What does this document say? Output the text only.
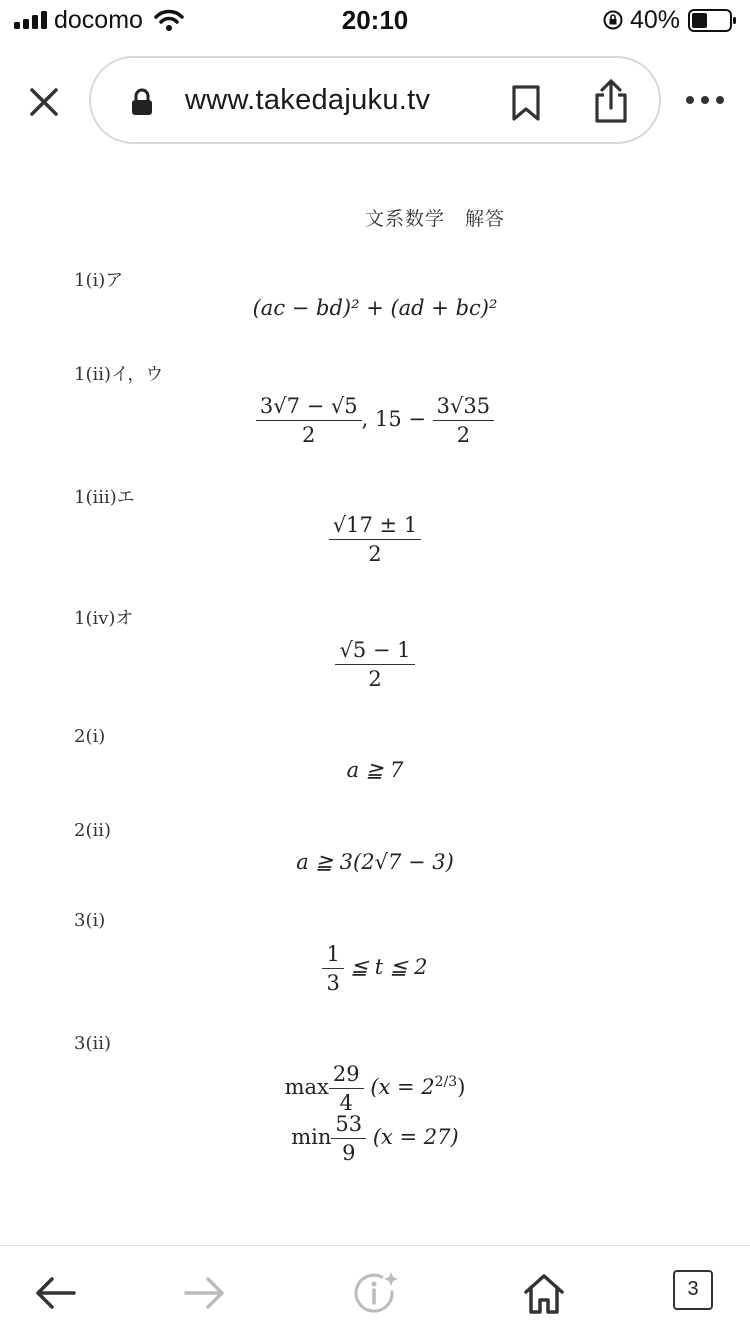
docomo	20:10	40%
www.takedajuku.tv
文系数学　解答
1(i)ア
(ac − bd)² + (ad + bc)²
1(ii)イ，ウ
$\frac{3√7 - √5}{2}$ , $15 - \frac{3√35}{2}$
1(iii)エ
$\frac{√17 \pm 1}{2}$
1(iv)オ
$\frac{√5 - 1}{2}$
2(i)
a ≧ 7
2(ii)
a ≧ 3(2√7 − 3)
3(i)
$\frac{1}{3}$ ≦ t ≦ 2
3(ii)
$\max \frac{29}{4} (x = 2^{2/3})$
$\min \frac{53}{9} (x = 27)$
3
